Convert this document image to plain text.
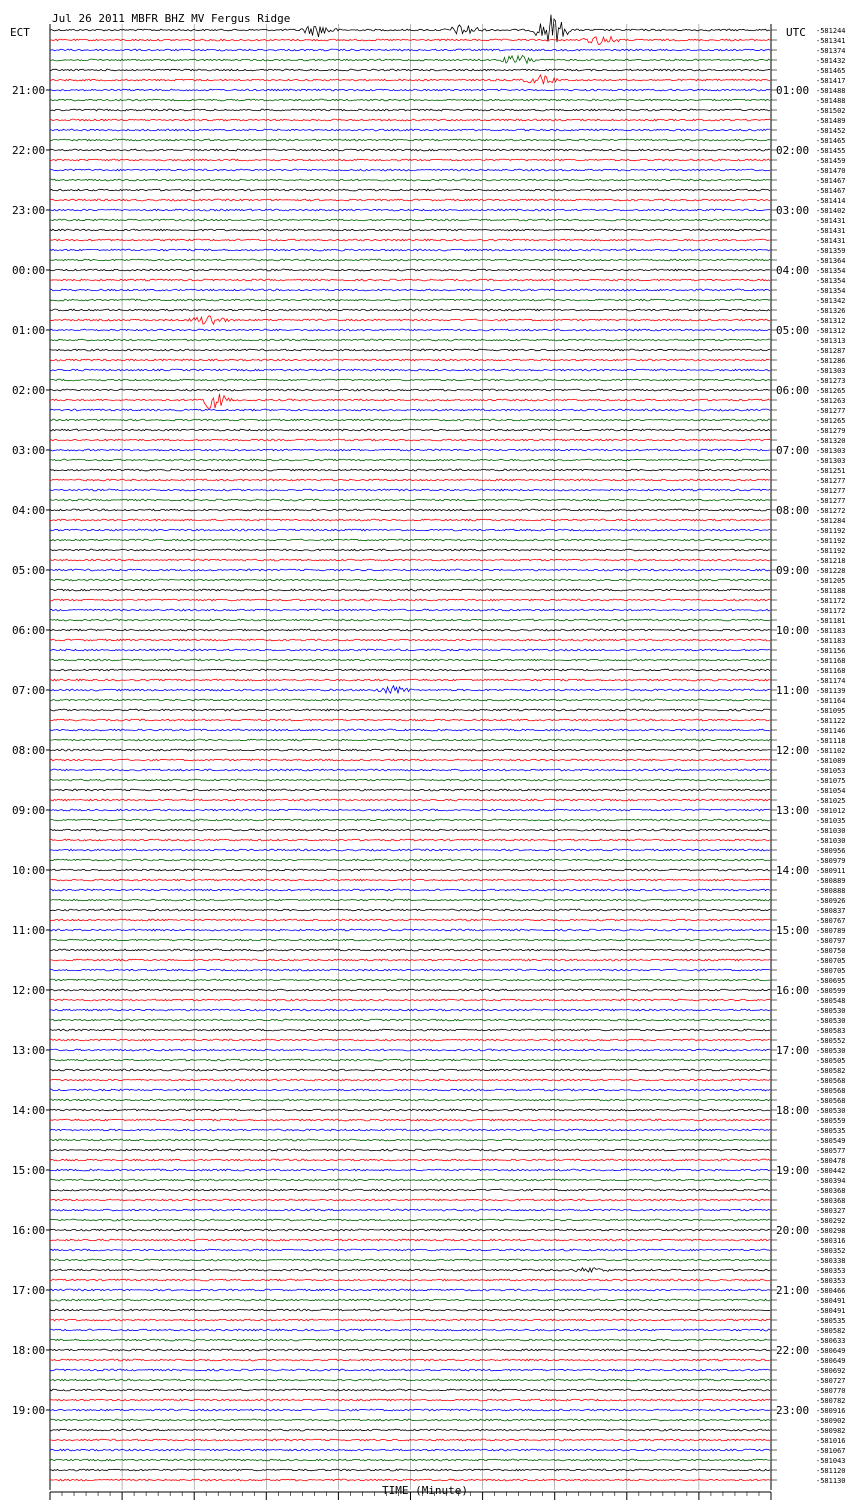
Jul 26 2011 MBFR BHZ MV Fergus Ridge
ECT	UTC
21:00
22:00
23:00
00:00
01:00
02:00
03:00
04:00
05:00
06:00
07:00
08:00
09:00
10:00
11:00
12:00
13:00
14:00
15:00
16:00
17:00
18:00
19:00
01:00
02:00
03:00
04:00
05:00
06:00
07:00
08:00
09:00
10:00
11:00
12:00
13:00
14:00
15:00
16:00
17:00
18:00
19:00
20:00
21:00
22:00
23:00
-581244
-581341
-581374
-581432
-581465
-581417
-581488
-581488
-581502
-581489
-581452
-581465
-581455
-581459
-581470
-581467
-581467
-581414
-581402
-581431
-581431
-581431
-581359
-581364
-581354
-581354
-581354
-581342
-581326
-581312
-581312
-581313
-581287
-581286
-581303
-581273
-581265
-581263
-581277
-581265
-581279
-581320
-581303
-581303
-581251
-581277
-581277
-581277
-581272
-581284
-581192
-581192
-581192
-581218
-581228
-581205
-581188
-581172
-581172
-581181
-581183
-581183
-581156
-581168
-581168
-581174
-581139
-581164
-581095
-581122
-581146
-581118
-581102
-581089
-581053
-581075
-581054
-581025
-581012
-581035
-581030
-581030
-580956
-580979
-580911
-580889
-580888
-580926
-580837
-580767
-580789
-580797
-580750
-580705
-580705
-580695
-580599
-580548
-580530
-580530
-580583
-580552
-580530
-580505
-580582
-580568
-580568
-580568
-580530
-580559
-580535
-580549
-580577
-580478
-580442
-580394
-580368
-580368
-580327
-580292
-580298
-580316
-580352
-580338
-580353
-580353
-580466
-580491
-580491
-580535
-580582
-580633
-580649
-580649
-580692
-580727
-580770
-580782
-580916
-580902
-580982
-581016
-581067
-581043
-581120
-581130
TIME (Minute)
